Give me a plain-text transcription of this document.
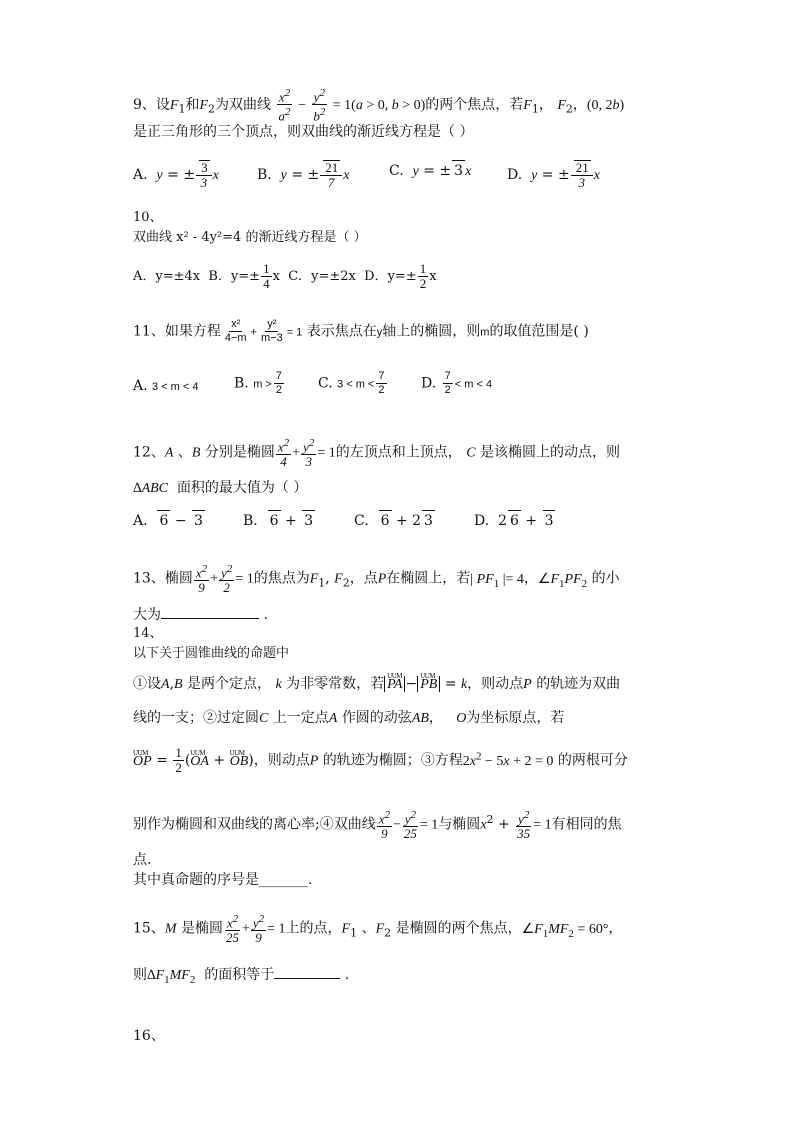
9、设$F_1$和$F_2$为双曲线 $\frac{x^2}{a^2} - \frac{y^2}{b^2} = 1(a > 0$, b > 0)的两个焦点，若$F_1$， $F_2$，(0, 2b)
是正三角形的三个顶点，则双曲线的渐近线方程是（ ）
A. y = ± $\frac{3}{3}$ x	B. y = ± $\frac{21}{7}$ x	C. y = ± 3 x	D. y = ± $\frac{21}{3}$ x
10、
双曲线 x² - 4y²=4 的渐近线方程是（ ）
A．y=±4x B．$y=\pm \frac{1}{4}$ x C．y=±2x D．$y=\pm \frac{1}{2}$ x
11、如果方程 $\frac{\text{x²}}{4-m} + \frac{\text{y²}}{m-3} = 1$ 表示焦点在y轴上的椭圆，则m的取值范围是( )
A. 3 < m < 4	B. $m > \frac{7}{2} C$. $3 < m < \frac{7}{2} D$. $\frac{7}{2} < m < 4$
12、A 、B 分别是椭圆 $\frac{x^2}{4} + \frac{y^2}{3} = 1$的左顶点和上顶点， C 是该椭圆上的动点，则
∆ABC 面积的最大值为（ ）
A. 6 − 3	B. 6 + 3	C. 6 + 2 3	D.  2 6 + 3
13、椭圆 $\frac{x^2}{9} + \frac{y^2}{2} = 1$的焦点为$F_1$, $F_2$，点P在椭圆上，若| $PF_1$ |= 4，$\angle F_1PF_2$ 的小
大为	.
14、
以下关于圆锥曲线的命题中
①设A,B 是两个定点， k 为非零常数，若 UUM PA − UUM PB = k，则动点P 的轨迹为双曲
线的一支；②过定圆C 上一定点A 作圆的动弦AB， O为坐标原点，若
UUM OP = $\frac{1}{2} (UUM$ OA + UUM OB)，则动点P 的轨迹为椭圆；③方程$2x^2 - 5x + 2 = 0$ 的两根可分
别作为椭圆和双曲线的离心率;④双曲线 $\frac{x^2}{9} - \frac{y^2}{25} = 1$与椭圆$x^2 + \frac{y^2}{35} = 1$有相同的焦
点.
其中真命题的序号是_______.
15、M 是椭圆 $\frac{x^2}{25} + \frac{y^2}{9} = 1$上的点，$F_1$ 、$F_2$ 是椭圆的两个焦点，$\angle F_1MF_2 = 60^\circ$，
则$\Delta F_1MF_2$ 的面积等于	.
16、
